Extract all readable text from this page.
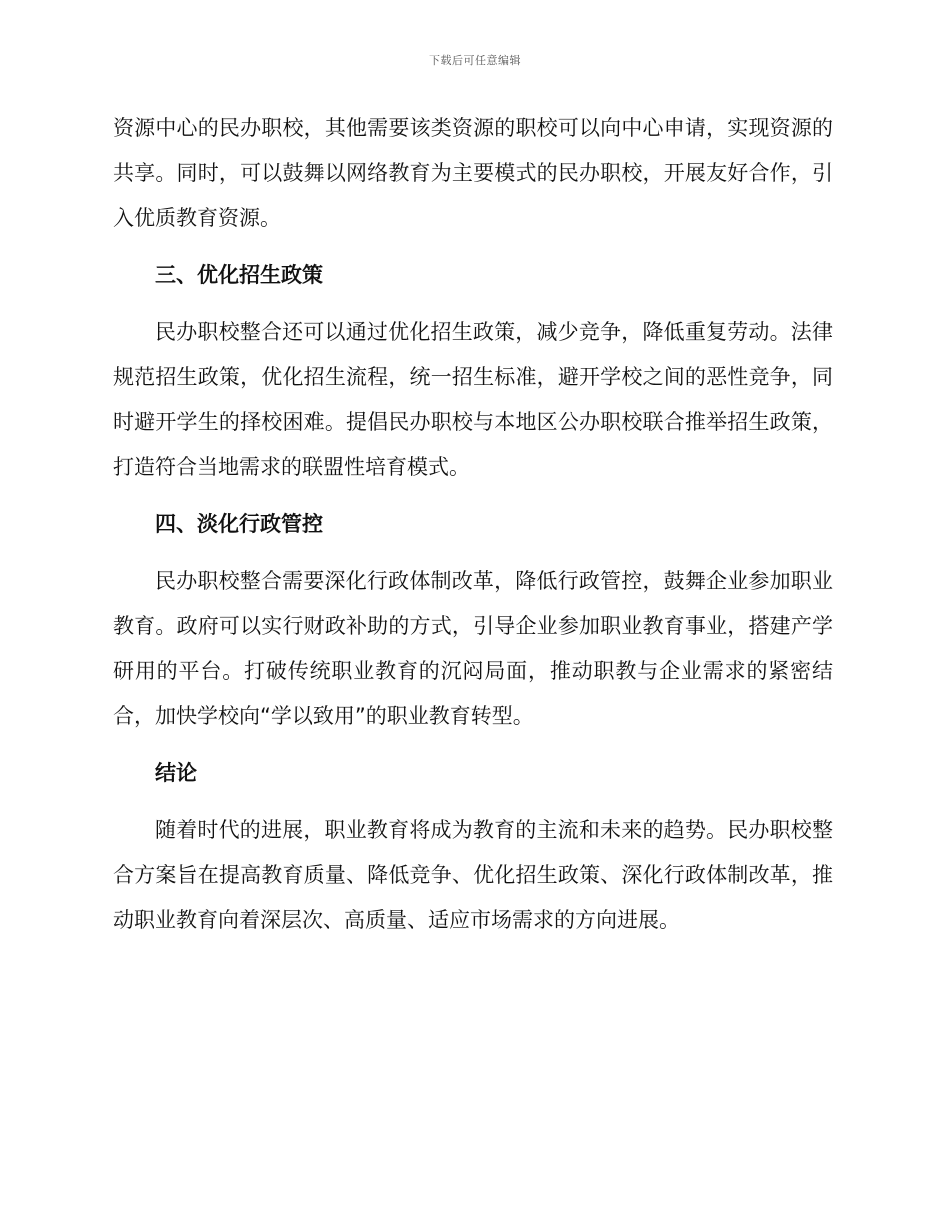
下载后可任意编辑

资源中心的民办职校，其他需要该类资源的职校可以向中心申请，实现资源的共享。同时，可以鼓舞以网络教育为主要模式的民办职校，开展友好合作，引入优质教育资源。

三、优化招生政策

民办职校整合还可以通过优化招生政策，减少竞争，降低重复劳动。法律规范招生政策，优化招生流程，统一招生标准，避开学校之间的恶性竞争，同时避开学生的择校困难。提倡民办职校与本地区公办职校联合推举招生政策，打造符合当地需求的联盟性培育模式。

四、淡化行政管控

民办职校整合需要深化行政体制改革，降低行政管控，鼓舞企业参加职业教育。政府可以实行财政补助的方式，引导企业参加职业教育事业，搭建产学研用的平台。打破传统职业教育的沉闷局面，推动职教与企业需求的紧密结合，加快学校向“学以致用”的职业教育转型。

结论

随着时代的进展，职业教育将成为教育的主流和未来的趋势。民办职校整合方案旨在提高教育质量、降低竞争、优化招生政策、深化行政体制改革，推动职业教育向着深层次、高质量、适应市场需求的方向进展。
